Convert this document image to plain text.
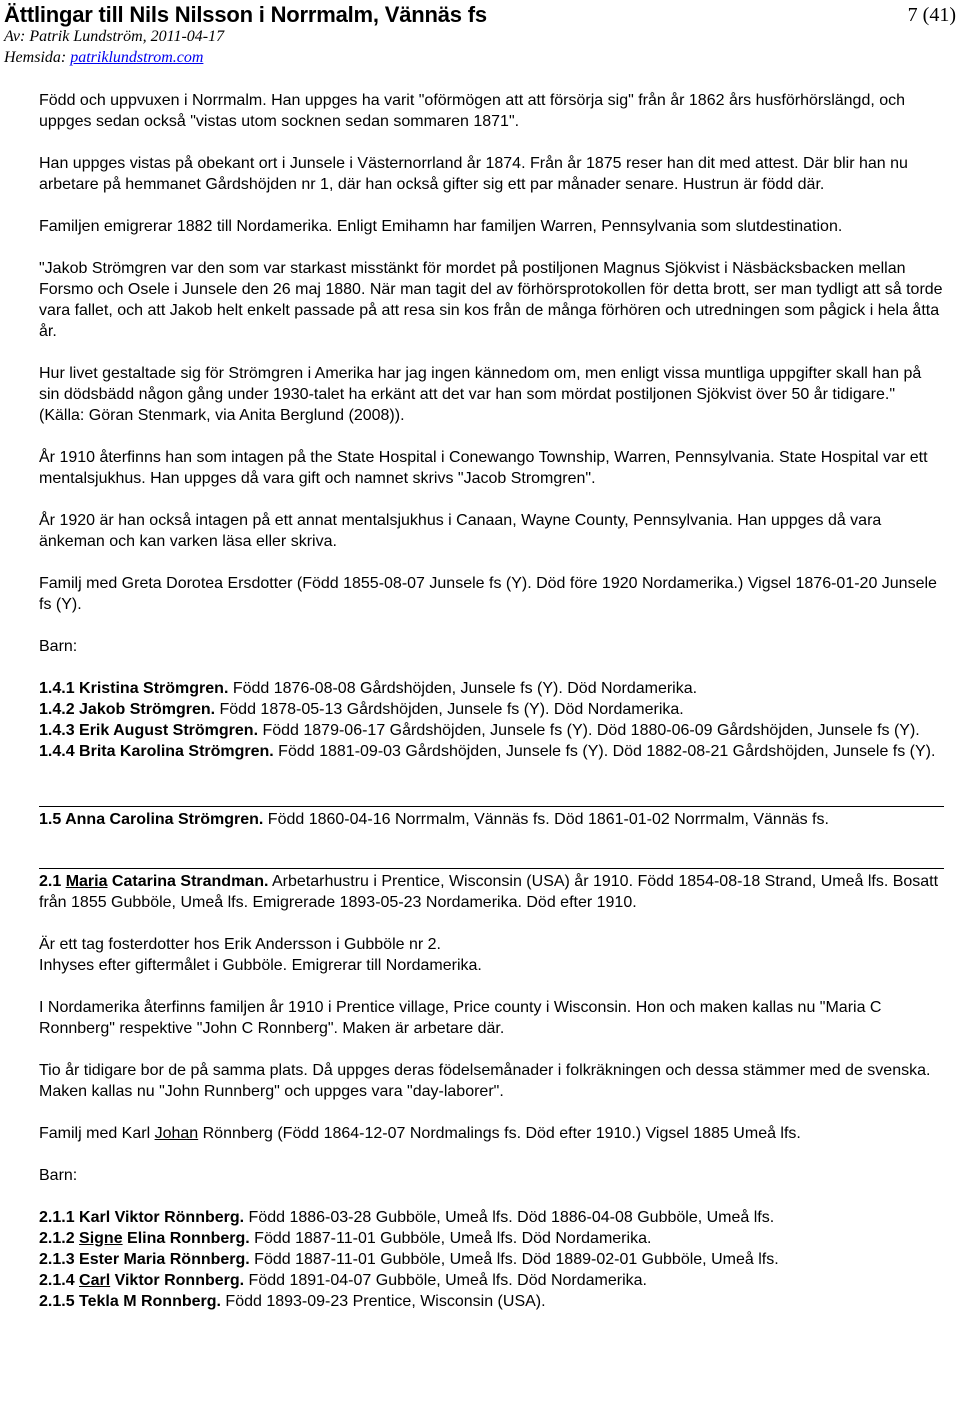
Ättlingar till Nils Nilsson i Norrmalm, Vännäs fs	7 (41)
Av: Patrik Lundström, 2011-04-17
Hemsida: patriklundstrom.com

Född och uppvuxen i Norrmalm. Han uppges ha varit "oförmögen att att försörja sig" från år 1862 års husförhörslängd, och uppges sedan också "vistas utom socknen sedan sommaren 1871".

Han uppges vistas på obekant ort i Junsele i Västernorrland år 1874. Från år 1875 reser han dit med attest. Där blir han nu arbetare på hemmanet Gårdshöjden nr 1, där han också gifter sig ett par månader senare. Hustrun är född där.

Familjen emigrerar 1882 till Nordamerika. Enligt Emihamn har familjen Warren, Pennsylvania som slutdestination.

"Jakob Strömgren var den som var starkast misstänkt för mordet på postiljonen Magnus Sjökvist i Näsbäcksbacken mellan Forsmo och Osele i Junsele den 26 maj 1880. När man tagit del av förhörsprotokollen för detta brott, ser man tydligt att så torde vara fallet, och att Jakob helt enkelt passade på att resa sin kos från de många förhören och utredningen som pågick i hela åtta år.

Hur livet gestaltade sig för Strömgren i Amerika har jag ingen kännedom om, men enligt vissa muntliga uppgifter skall han på sin dödsbädd någon gång under 1930-talet ha erkänt att det var han som mördat postiljonen Sjökvist över 50 år tidigare." (Källa: Göran Stenmark, via Anita Berglund (2008)).

År 1910 återfinns han som intagen på the State Hospital i Conewango Township, Warren, Pennsylvania. State Hospital var ett mentalsjukhus. Han uppges då vara gift och namnet skrivs "Jacob Stromgren".

År 1920 är han också intagen på ett annat mentalsjukhus i Canaan, Wayne County, Pennsylvania. Han uppges då vara änkeman och kan varken läsa eller skriva.

Familj med Greta Dorotea Ersdotter (Född 1855-08-07 Junsele fs (Y). Död före 1920 Nordamerika.) Vigsel 1876-01-20 Junsele fs (Y).

Barn:

1.4.1 Kristina Strömgren. Född 1876-08-08 Gårdshöjden, Junsele fs (Y). Död Nordamerika.
1.4.2 Jakob Strömgren. Född 1878-05-13 Gårdshöjden, Junsele fs (Y). Död Nordamerika.
1.4.3 Erik August Strömgren. Född 1879-06-17 Gårdshöjden, Junsele fs (Y). Död 1880-06-09 Gårdshöjden, Junsele fs (Y).
1.4.4 Brita Karolina Strömgren. Född 1881-09-03 Gårdshöjden, Junsele fs (Y). Död 1882-08-21 Gårdshöjden, Junsele fs (Y).
1.5 Anna Carolina Strömgren. Född 1860-04-16 Norrmalm, Vännäs fs. Död 1861-01-02 Norrmalm, Vännäs fs.

2.1 Maria Catarina Strandman. Arbetarhustru i Prentice, Wisconsin (USA) år 1910. Född 1854-08-18 Strand, Umeå lfs. Bosatt från 1855 Gubböle, Umeå lfs. Emigrerade 1893-05-23 Nordamerika. Död efter 1910.

Är ett tag fosterdotter hos Erik Andersson i Gubböle nr 2.

Inhyses efter giftermålet i Gubböle. Emigrerar till Nordamerika.

I Nordamerika återfinns familjen år 1910 i Prentice village, Price county i Wisconsin. Hon och maken kallas nu "Maria C Ronnberg" respektive "John C Ronnberg". Maken är arbetare där.

Tio år tidigare bor de på samma plats. Då uppges deras födelsemånader i folkräkningen och dessa stämmer med de svenska. Maken kallas nu "John Runnberg" och uppges vara "day-laborer".

Familj med Karl Johan Rönnberg (Född 1864-12-07 Nordmalings fs. Död efter 1910.) Vigsel 1885 Umeå lfs.

Barn:

2.1.1 Karl Viktor Rönnberg. Född 1886-03-28 Gubböle, Umeå lfs. Död 1886-04-08 Gubböle, Umeå lfs.
2.1.2 Signe Elina Ronnberg. Född 1887-11-01 Gubböle, Umeå lfs. Död Nordamerika.
2.1.3 Ester Maria Rönnberg. Född 1887-11-01 Gubböle, Umeå lfs. Död 1889-02-01 Gubböle, Umeå lfs.
2.1.4 Carl Viktor Ronnberg. Född 1891-04-07 Gubböle, Umeå lfs. Död Nordamerika.
2.1.5 Tekla M Ronnberg. Född 1893-09-23 Prentice, Wisconsin (USA).
